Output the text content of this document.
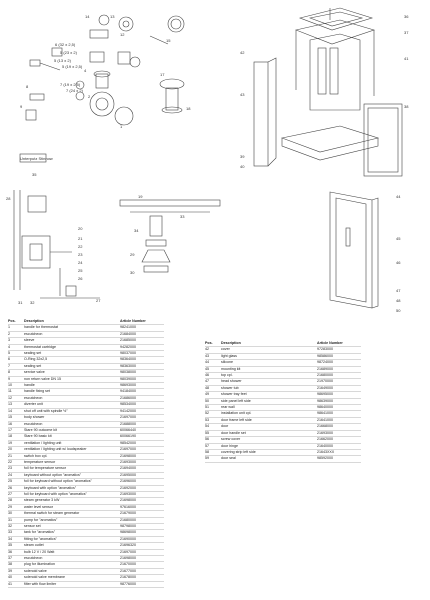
14	13
12
15
6 (32 x 2,5)
5 (23 x 2)
5 (13 x 2)
5 (19 x 2,5)
4
7 (19 x 2,5)
7 (24 x 2)
8
9
2
1
17
18
Unterputz Stinnow
35
28
20
21
22
23
24
25
26
27
31 32
19
33
34
29
30
36
37
41
42
43
38
39
40
44
45
46
47
48
50
Pos.	Description	Article Number
1	handle for thermostat	98241000
2	escutcheon	21684000
3	sleeve	21685000
4	thermostat cartridge	94282000
5	sealing set	98037000
6	O-Ring 32x2,5	98364000
7	sealing set	98363000
8	service valve	98038000
9	non return valve DN 15	98039000
10	handle	98693000
11	handle fixing set	94184000
12	escutcheon	21686000
13	diverter unit	98534000
14	shut off unit with spindle ½"	94142000
15	body shower	21697000
16	escutcheon	21688000
17	Stare 90 outcome kit	60066440
18	Stare 90 basic kit	60066190
19	ventilation / lighting unit	98542000
20	ventilation / lighting unit w/ loudspeaker	21697000
21	switch box cpl.	21698000
22	temperature sensor	21693000
23	foil for temperature sensor	21694000
24	keyboard without option "aromatics"	21695000
25	foil for keyboard without option "aromatics"	21696000
26	keyboard with option "aromatics"	21692000
27	foil for keyboard with option "aromatics"	21693000
28	steam generator 3 kW	21698000
29	water level sensor	97616000
30	thermal switch for steam generator	21679000
31	pump for "aromatics"	21680000
32	sensor set	98798000
33	tank for "aromatics"	98698000
34	fitting for "aromatics"	21690000
35	steam outlet	21696320
36	bulb 12 V / 20 Watt	21697000
37	escutcheon	21698000
38	plug for illumination	21670000
39	solenoid valve	21677000
40	solenoid valve membrane	21678000
41	filter with flow limiter	98776000
Pos.	Description	Article Number
42	cover	97283000
43	light glass	98586000
44	silicone	98724000
45	mounting kit	21689000
46	top cpl.	21680000
47	head shower	21970000
48	shower tub	21649000
49	shower tray feet	98695000
50	side panel left side	98639000
51	rear wall	98640000
52	installation unit cpl.	98641000
53	door frame left side	21641000
54	door	21668000
55	door handle set	21693000
56	screw cover	21662000
57	door hinge	21640000
58	covering strip left side	21643XXX
59	door seal	98592000
